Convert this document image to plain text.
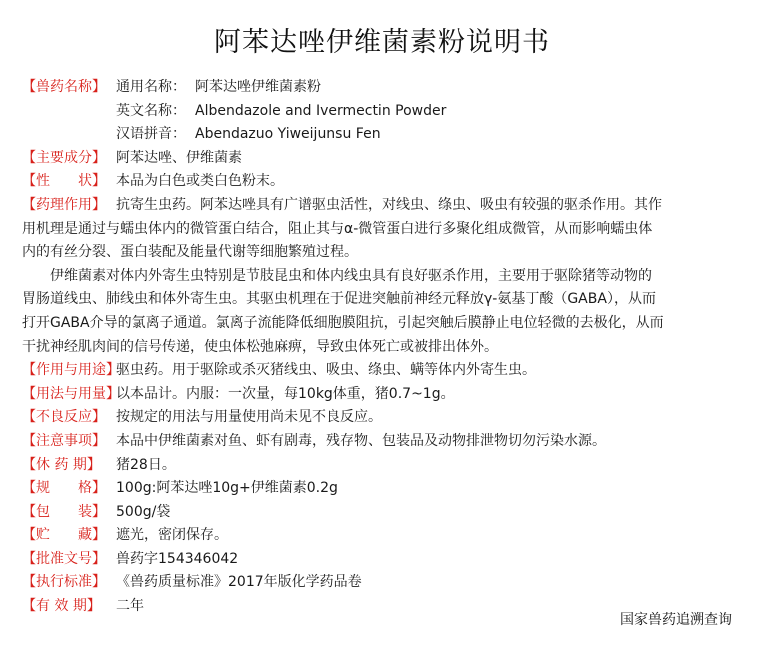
阿苯达唑伊维菌素粉说明书
【兽药名称】 通用名称： 阿苯达唑伊维菌素粉
英文名称： Albendazole and Ivermectin Powder
汉语拼音： Abendazuo Yiweijunsu Fen
【主要成分】 阿苯达唑、伊维菌素
【性　　状】 本品为白色或类白色粉末。
【药理作用】 抗寄生虫药。阿苯达唑具有广谱驱虫活性，对线虫、绦虫、吸虫有较强的驱杀作用。其作
用机理是通过与蠕虫体内的微管蛋白结合，阻止其与α-微管蛋白进行多聚化组成微管，从而影响蠕虫体
内的有丝分裂、蛋白装配及能量代谢等细胞繁殖过程。
伊维菌素对体内外寄生虫特别是节肢昆虫和体内线虫具有良好驱杀作用，主要用于驱除猪等动物的
胃肠道线虫、肺线虫和体外寄生虫。其驱虫机理在于促进突触前神经元释放γ-氨基丁酸（GABA），从而
打开GABA介导的氯离子通道。氯离子流能降低细胞膜阻抗，引起突触后膜静止电位轻微的去极化，从而
干扰神经肌肉间的信号传递，使虫体松弛麻痹，导致虫体死亡或被排出体外。
【作用与用途】驱虫药。用于驱除或杀灭猪线虫、吸虫、绦虫、螨等体内外寄生虫。
【用法与用量】以本品计。内服：一次量，每10kg体重，猪0.7~1g。
【不良反应】 按规定的用法与用量使用尚未见不良反应。
【注意事项】 本品中伊维菌素对鱼、虾有剧毒，残存物、包装品及动物排泄物切勿污染水源。
【休 药 期】 猪28日。
【规　　格】 100g:阿苯达唑10g+伊维菌素0.2g
【包　　装】 500g/袋
【贮　　藏】 遮光，密闭保存。
【批准文号】 兽药字154346042
【执行标准】 《兽药质量标准》2017年版化学药品卷
【有 效 期】 二年
国家兽药追溯查询
